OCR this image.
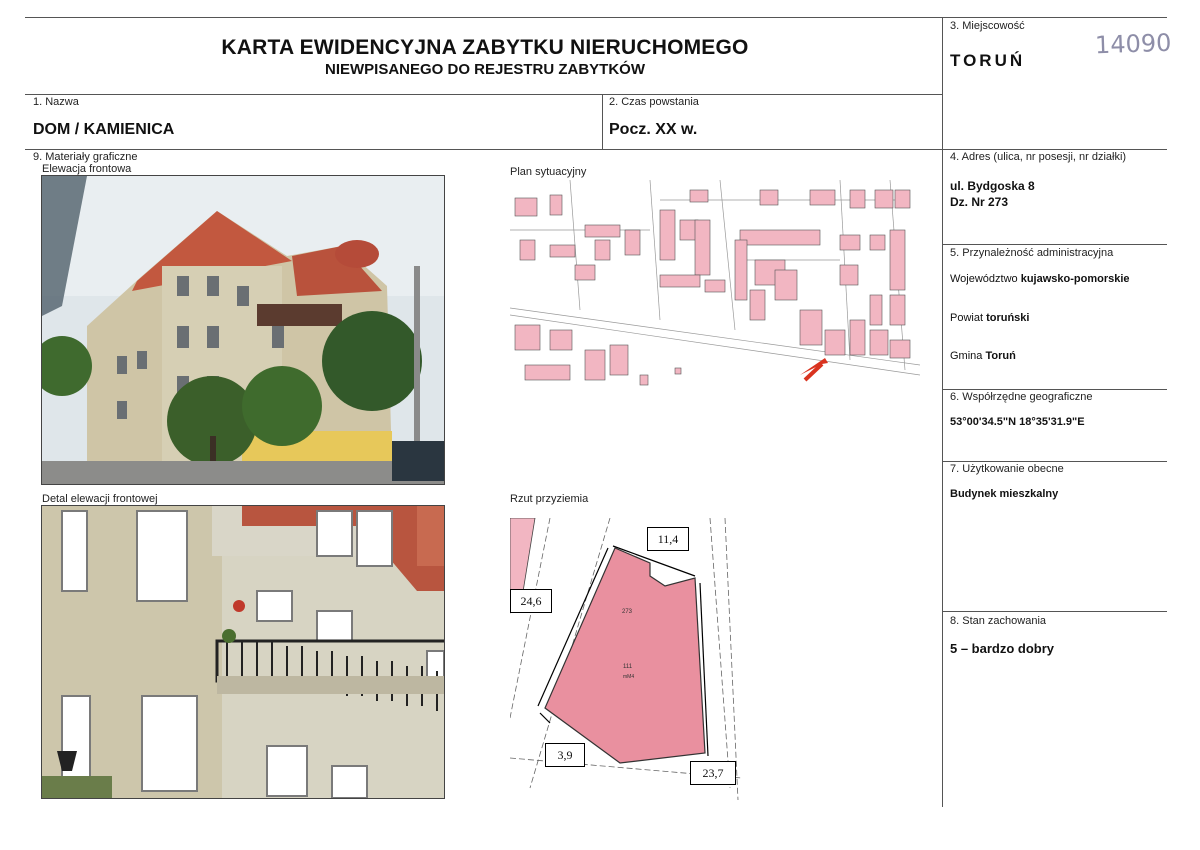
KARTA EWIDENCYJNA ZABYTKU NIERUCHOMEGO
NIEWPISANEGO DO REJESTRU ZABYTKÓW
3. Miejscowość
TORUŃ
14090
1. Nazwa
DOM / KAMIENICA
2. Czas powstania
Pocz. XX w.
9. Materiały graficzne
Elewacja frontowa	Plan sytuacyjny
Detal elewacji frontowej	Rzut przyziemia
273
111
mM4
11,4
24,6
3,9
23,7
4. Adres (ulica, nr posesji, nr działki)
ul. Bydgoska 8
Dz. Nr 273
5. Przynależność administracyjna
Województwo kujawsko-pomorskie
Powiat toruński
Gmina Toruń
6. Współrzędne geograficzne
53°00'34.5"N 18°35'31.9"E
7. Użytkowanie obecne
Budynek mieszkalny
8. Stan zachowania
5 – bardzo dobry
